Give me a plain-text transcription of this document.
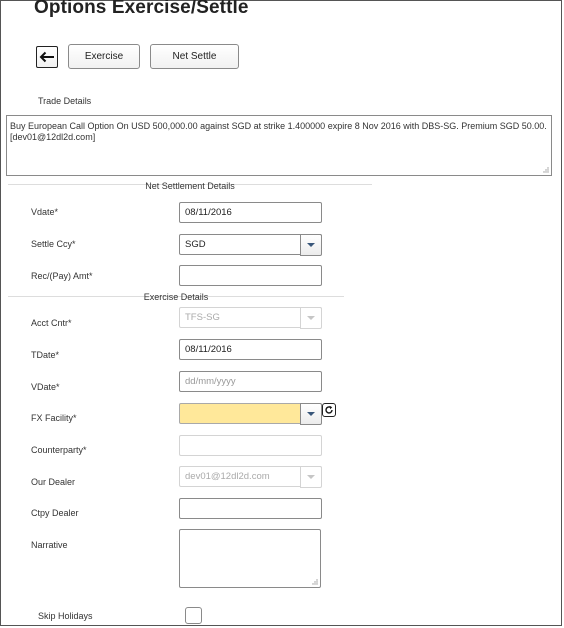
Options Exercise/Settle
Exercise	Net Settle
Trade Details
Buy European Call Option On USD 500,000.00 against SGD at strike 1.400000 expire 8 Nov 2016 with DBS-SG. Premium SGD 50.00. [dev01@12dl2d.com]
Net Settlement Details
Vdate*	08/11/2016
Settle Ccy*	SGD
Rec/(Pay) Amt*
Exercise Details
Acct Cntr*	TFS-SG
TDate*	08/11/2016
VDate*	dd/mm/yyyy
FX Facility*
Counterparty*
Our Dealer	dev01@12dl2d.com
Ctpy Dealer
Narrative
Skip Holidays
